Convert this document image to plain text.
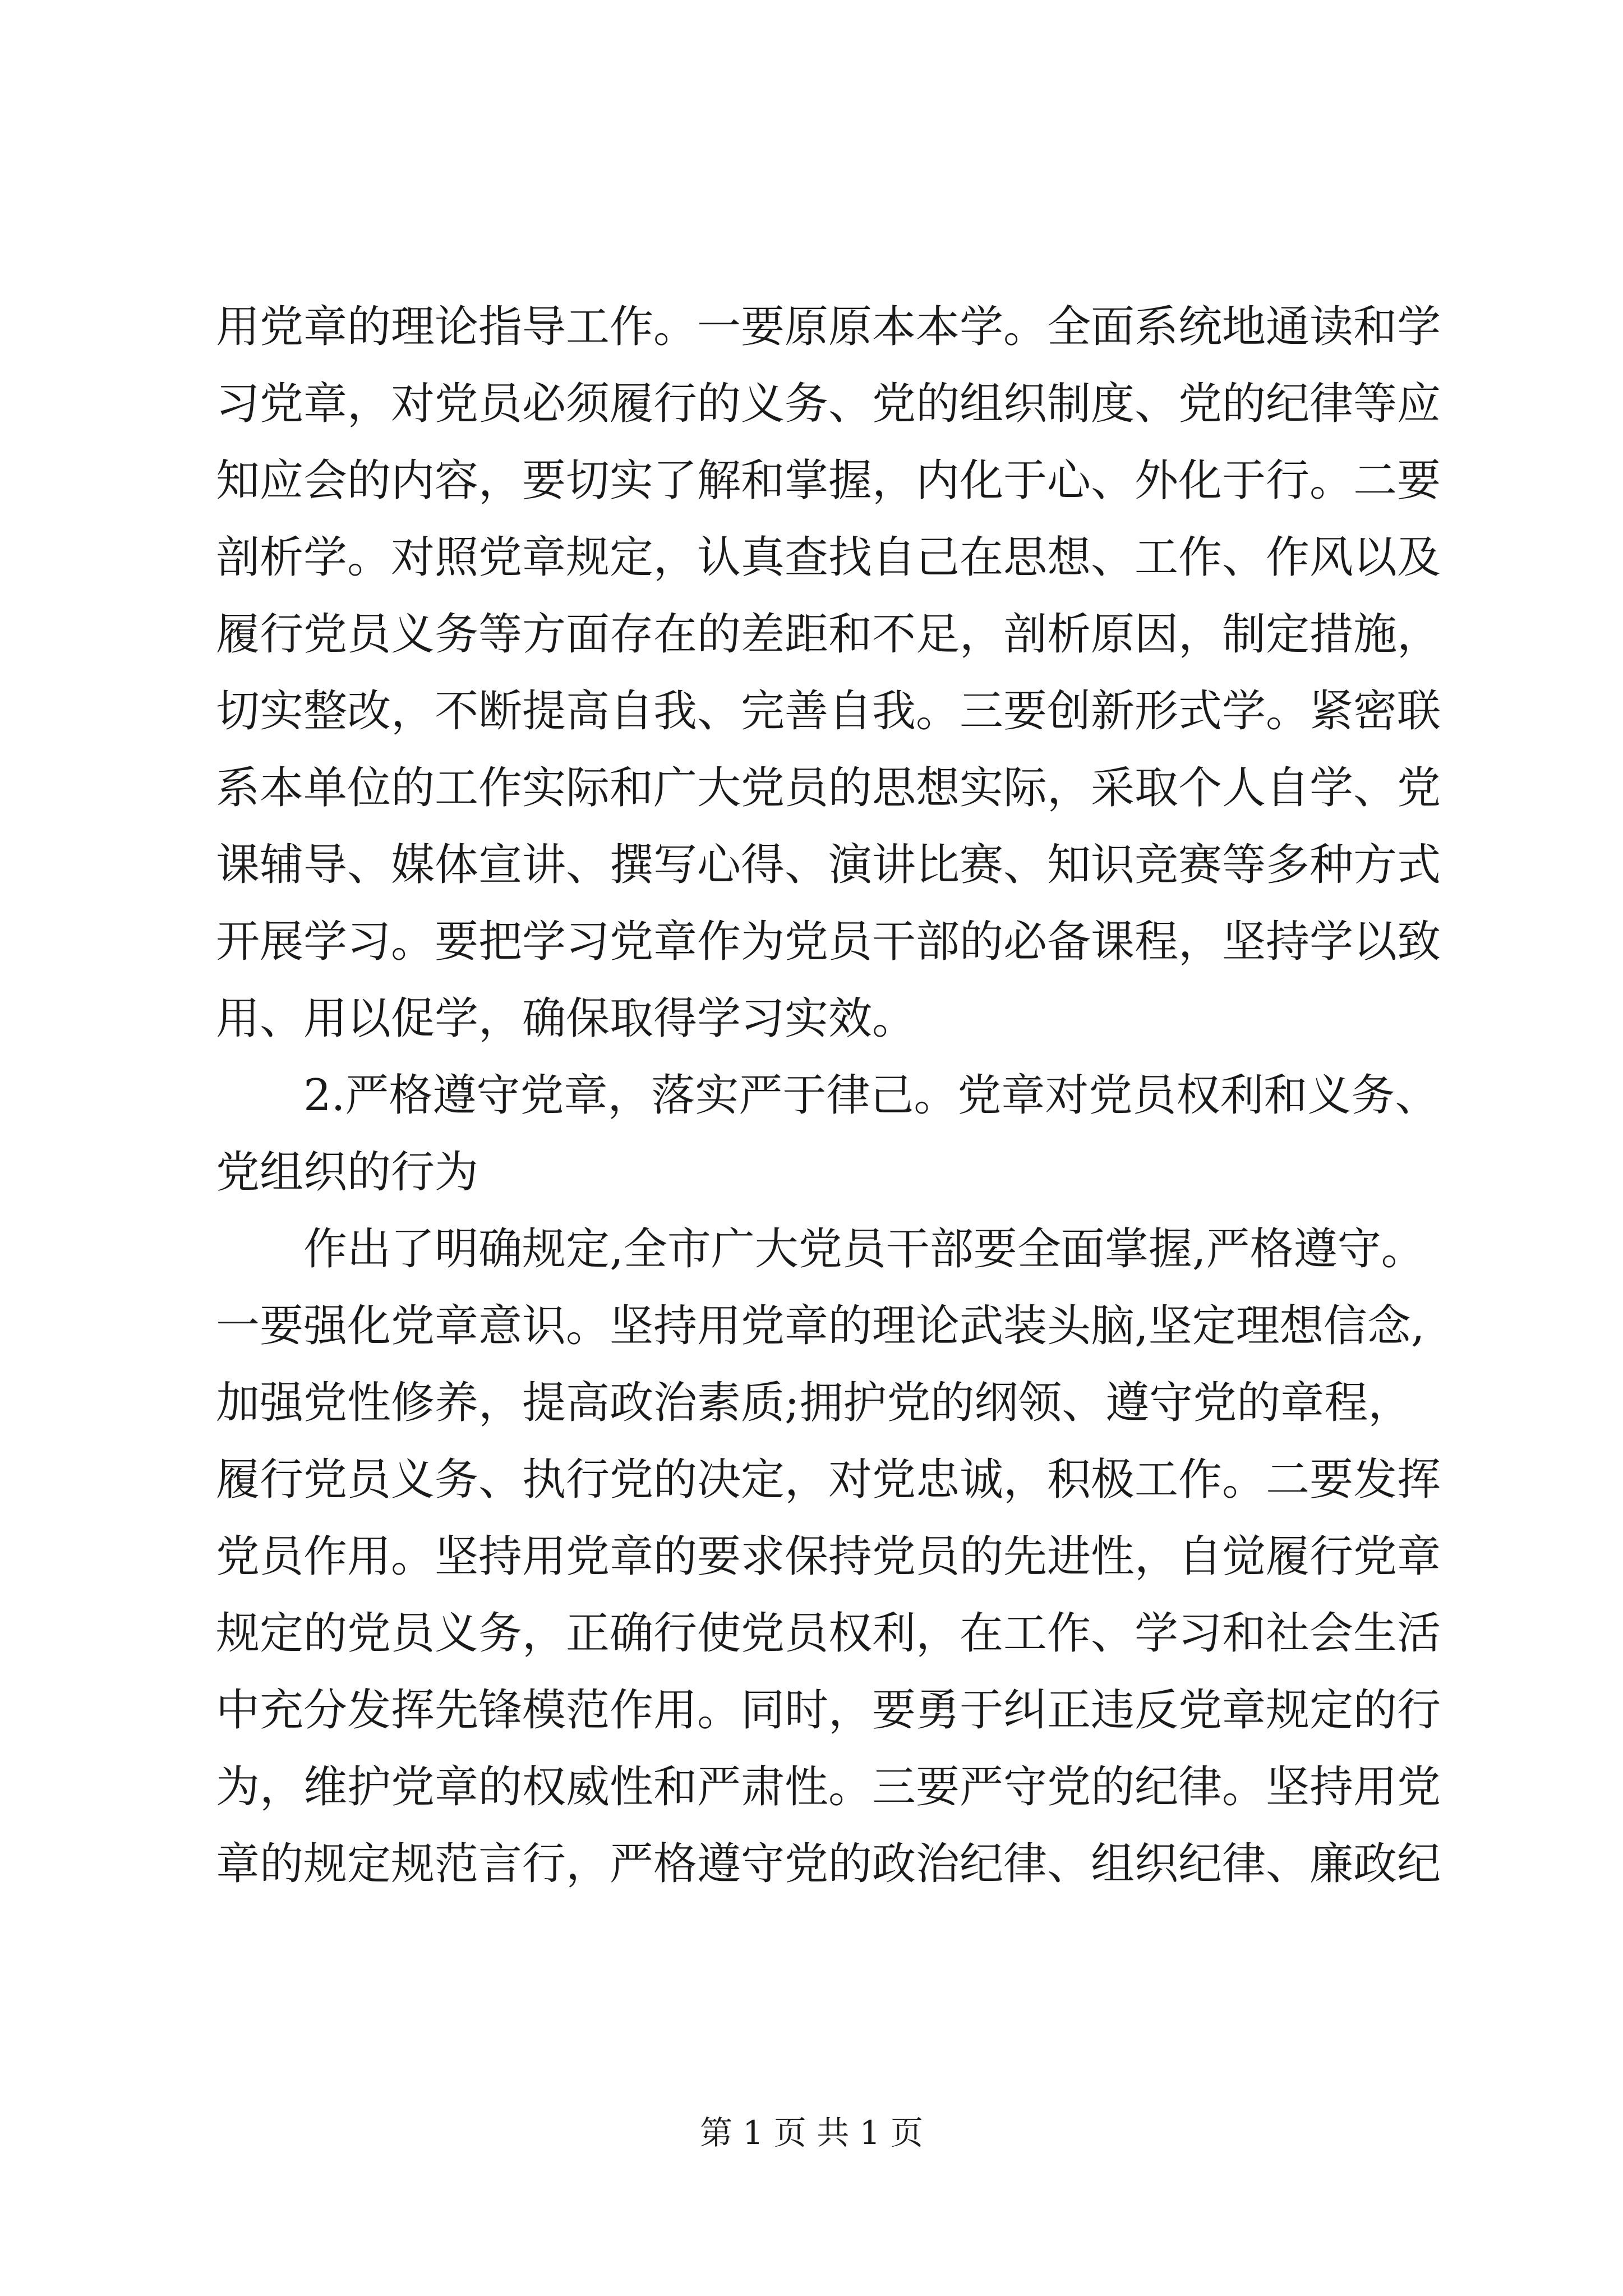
用党章的理论指导工作。一要原原本本学。全面系统地通读和学
习党章，对党员必须履行的义务、党的组织制度、党的纪律等应
知应会的内容，要切实了解和掌握，内化于心、外化于行。二要
剖析学。对照党章规定，认真查找自己在思想、工作、作风以及
履行党员义务等方面存在的差距和不足，剖析原因，制定措施，
切实整改，不断提高自我、完善自我。三要创新形式学。紧密联
系本单位的工作实际和广大党员的思想实际，采取个人自学、党
课辅导、媒体宣讲、撰写心得、演讲比赛、知识竞赛等多种方式
开展学习。要把学习党章作为党员干部的必备课程，坚持学以致
用、用以促学，确保取得学习实效。

　　2.严格遵守党章，落实严于律己。党章对党员权利和义务、
党组织的行为

　　作出了明确规定,全市广大党员干部要全面掌握,严格遵守。
一要强化党章意识。坚持用党章的理论武装头脑,坚定理想信念,
加强党性修养，提高政治素质;拥护党的纲领、遵守党的章程，
履行党员义务、执行党的决定，对党忠诚，积极工作。二要发挥
党员作用。坚持用党章的要求保持党员的先进性，自觉履行党章
规定的党员义务，正确行使党员权利，在工作、学习和社会生活
中充分发挥先锋模范作用。同时，要勇于纠正违反党章规定的行
为，维护党章的权威性和严肃性。三要严守党的纪律。坚持用党
章的规定规范言行，严格遵守党的政治纪律、组织纪律、廉政纪

第 1 页 共 1 页
